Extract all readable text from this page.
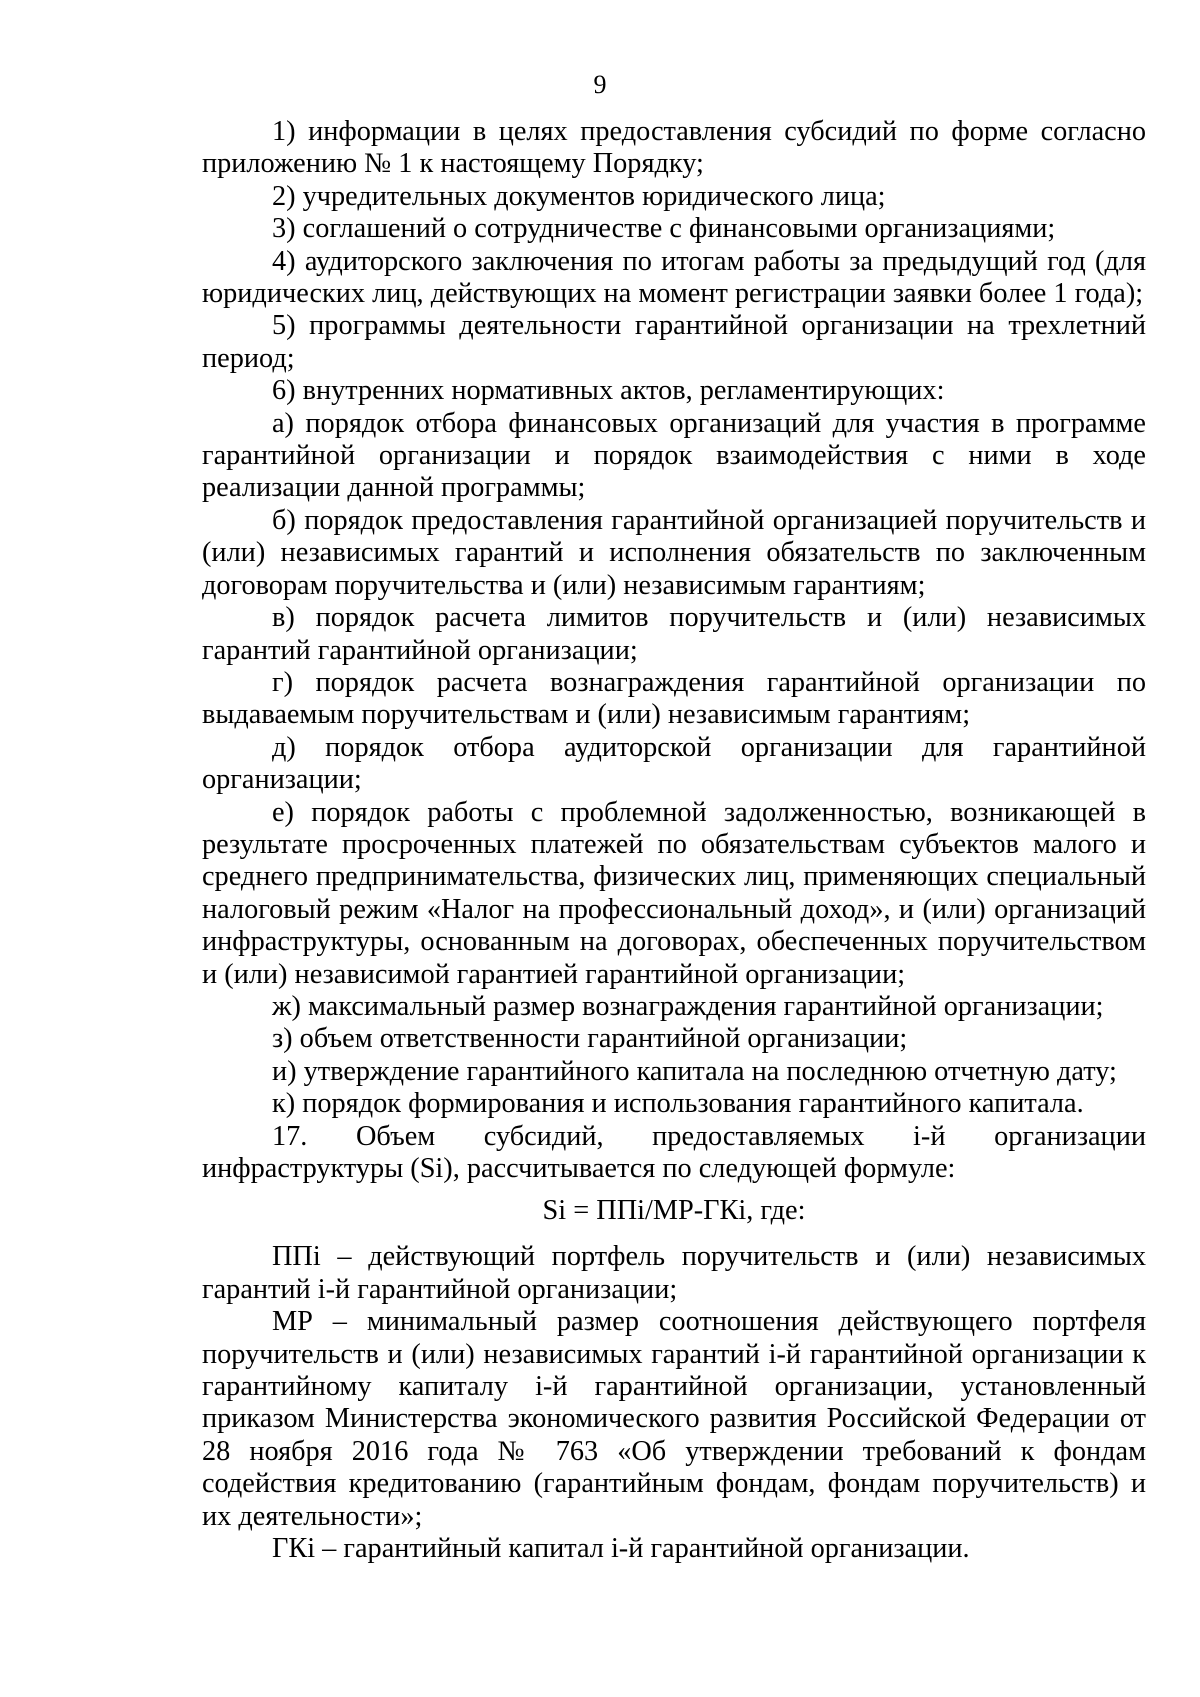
9

1) информации в целях предоставления субсидий по форме согласно приложению № 1 к настоящему Порядку;

2) учредительных документов юридического лица;

3) соглашений о сотрудничестве с финансовыми организациями;

4) аудиторского заключения по итогам работы за предыдущий год (для юридических лиц, действующих на момент регистрации заявки более 1 года);

5) программы деятельности гарантийной организации на трехлетний период;

6) внутренних нормативных актов, регламентирующих:

а) порядок отбора финансовых организаций для участия в программе гарантийной организации и порядок взаимодействия с ними в ходе реализации данной программы;

б) порядок предоставления гарантийной организацией поручительств и (или) независимых гарантий и исполнения обязательств по заключенным договорам поручительства и (или) независимым гарантиям;

в) порядок расчета лимитов поручительств и (или) независимых гарантий гарантийной организации;

г) порядок расчета вознаграждения гарантийной организации по выдаваемым поручительствам и (или) независимым гарантиям;

д) порядок отбора аудиторской организации для гарантийной организации;

е) порядок работы с проблемной задолженностью, возникающей в результате просроченных платежей по обязательствам субъектов малого и среднего предпринимательства, физических лиц, применяющих специальный налоговый режим «Налог на профессиональный доход», и (или) организаций инфраструктуры, основанным на договорах, обеспеченных поручительством и (или) независимой гарантией гарантийной организации;

ж) максимальный размер вознаграждения гарантийной организации;

з) объем ответственности гарантийной организации;

и) утверждение гарантийного капитала на последнюю отчетную дату;

к) порядок формирования и использования гарантийного капитала.

17. Объем субсидий, предоставляемых i-й организации инфраструктуры (Si), рассчитывается по следующей формуле:

Si = ППi/МР-ГКi, где:

ППi – действующий портфель поручительств и (или) независимых гарантий i-й гарантийной организации;

МР – минимальный размер соотношения действующего портфеля поручительств и (или) независимых гарантий i-й гарантийной организации к гарантийному капиталу i-й гарантийной организации, установленный приказом Министерства экономического развития Российской Федерации от 28 ноября 2016 года № 763 «Об утверждении требований к фондам содействия кредитованию (гарантийным фондам, фондам поручительств) и их деятельности»;

ГКi – гарантийный капитал i-й гарантийной организации.
